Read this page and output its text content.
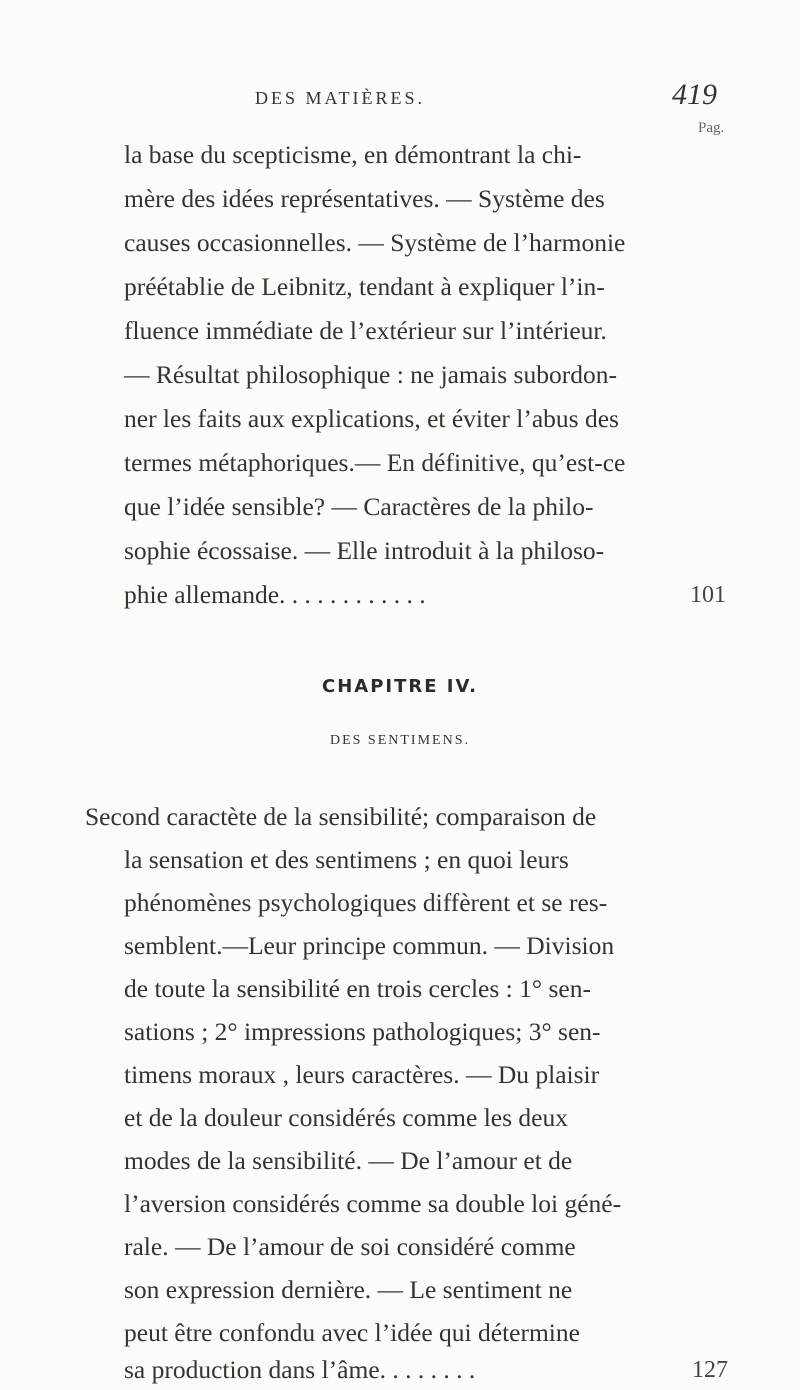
DES MATIÈRES.	419
Pag.
la base du scepticisme, en démontrant la chi-
mère des idées représentatives. — Système des
causes occasionnelles. — Système de l’harmonie
préétablie de Leibnitz, tendant à expliquer l’in-
fluence immédiate de l’extérieur sur l’intérieur.
— Résultat philosophique : ne jamais subordon-
ner les faits aux explications, et éviter l’abus des
termes métaphoriques.— En définitive, qu’est-ce
que l’idée sensible? — Caractères de la philo-
sophie écossaise. — Elle introduit à la philoso-
phie allemande. . . . . . . . . . . .	101
CHAPITRE IV.
DES SENTIMENS.
Second caractète de la sensibilité; comparaison de
la sensation et des sentimens ; en quoi leurs
phénomènes psychologiques diffèrent et se res-
semblent.—Leur principe commun. — Division
de toute la sensibilité en trois cercles : 1° sen-
sations ; 2° impressions pathologiques; 3° sen-
timens moraux , leurs caractères. — Du plaisir
et de la douleur considérés comme les deux
modes de la sensibilité. — De l’amour et de
l’aversion considérés comme sa double loi géné-
rale. — De l’amour de soi considéré comme
son expression dernière. — Le sentiment ne
peut être confondu avec l’idée qui détermine
sa production dans l’âme. . . . . . . .	127
